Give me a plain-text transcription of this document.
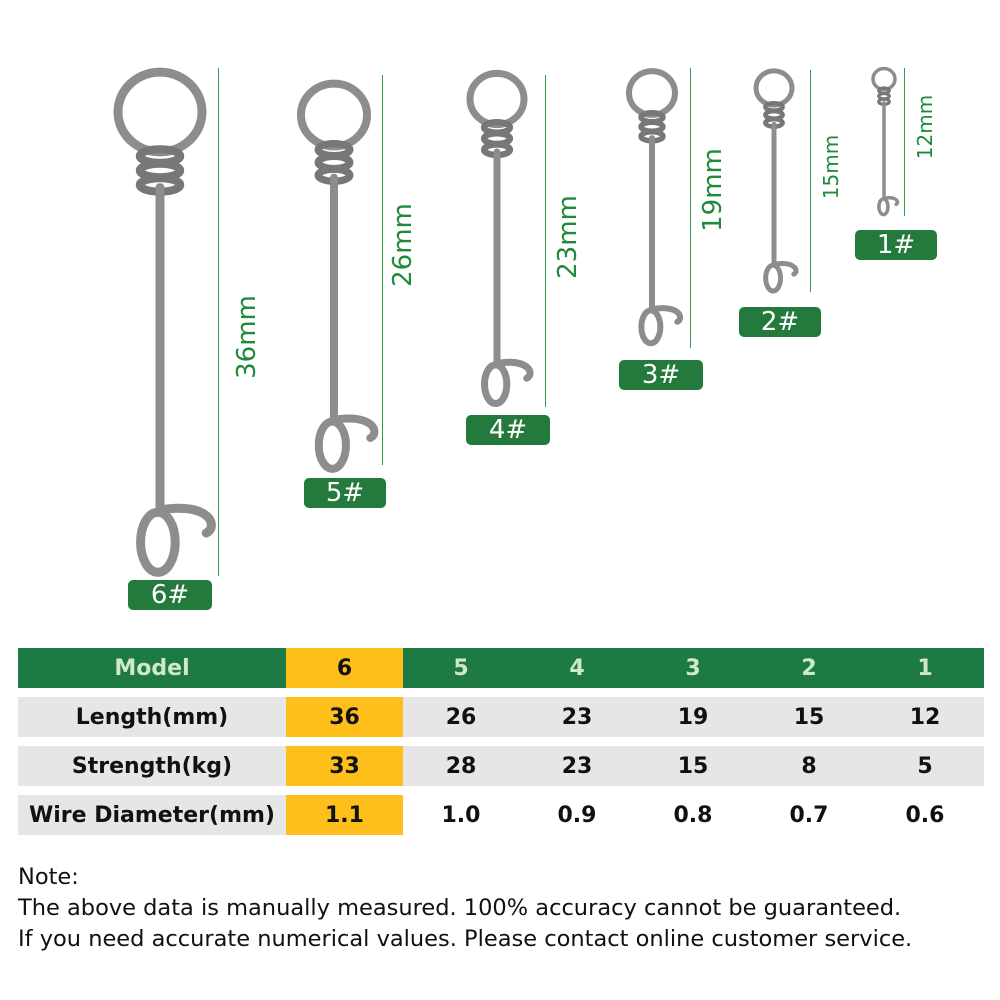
6#
5#
4#
3#
2#
1#
36mm
26mm	23mm
19mm	15mm
12mm
Model	6	5	4	3	2	1
Length(mm)	36	26	23	19	15	12
Strength(kg)	33	28	23	15	8	5
Wire Diameter(mm)	1.1	1.0	0.9	0.8	0.7	0.6
Note:
The above data is manually measured. 100% accuracy cannot be guaranteed.
If you need accurate numerical values. Please contact online customer service.
